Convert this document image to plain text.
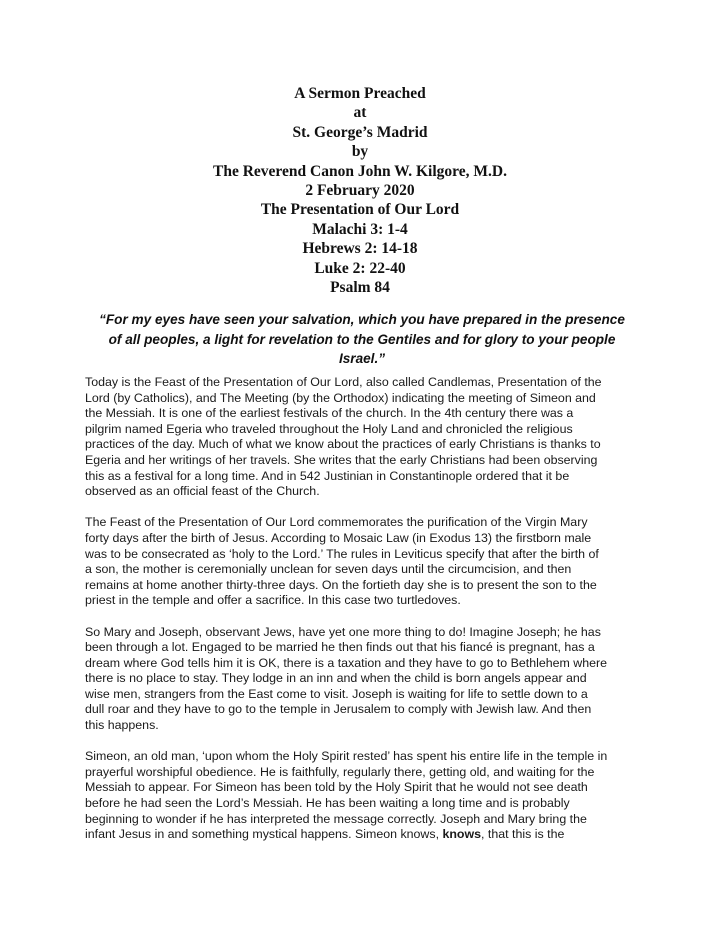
A Sermon Preached
at
St. George’s Madrid
by
The Reverend Canon John W. Kilgore, M.D.
2 February 2020
The Presentation of Our Lord
Malachi 3: 1-4
Hebrews 2: 14-18
Luke 2: 22-40
Psalm 84
“For my eyes have seen your salvation, which you have prepared in the presence
of all peoples, a light for revelation to the Gentiles and for glory to your people
Israel.”

Today is the Feast of the Presentation of Our Lord, also called Candlemas, Presentation of the
Lord (by Catholics), and The Meeting (by the Orthodox) indicating the meeting of Simeon and
the Messiah. It is one of the earliest festivals of the church. In the 4th century there was a
pilgrim named Egeria who traveled throughout the Holy Land and chronicled the religious
practices of the day. Much of what we know about the practices of early Christians is thanks to
Egeria and her writings of her travels. She writes that the early Christians had been observing
this as a festival for a long time. And in 542 Justinian in Constantinople ordered that it be
observed as an official feast of the Church.

The Feast of the Presentation of Our Lord commemorates the purification of the Virgin Mary
forty days after the birth of Jesus. According to Mosaic Law (in Exodus 13) the firstborn male
was to be consecrated as ‘holy to the Lord.’ The rules in Leviticus specify that after the birth of
a son, the mother is ceremonially unclean for seven days until the circumcision, and then
remains at home another thirty-three days. On the fortieth day she is to present the son to the
priest in the temple and offer a sacrifice. In this case two turtledoves.

So Mary and Joseph, observant Jews, have yet one more thing to do! Imagine Joseph; he has
been through a lot. Engaged to be married he then finds out that his fiancé is pregnant, has a
dream where God tells him it is OK, there is a taxation and they have to go to Bethlehem where
there is no place to stay. They lodge in an inn and when the child is born angels appear and
wise men, strangers from the East come to visit. Joseph is waiting for life to settle down to a
dull roar and they have to go to the temple in Jerusalem to comply with Jewish law. And then
this happens.

Simeon, an old man, ‘upon whom the Holy Spirit rested’ has spent his entire life in the temple in
prayerful worshipful obedience. He is faithfully, regularly there, getting old, and waiting for the
Messiah to appear. For Simeon has been told by the Holy Spirit that he would not see death
before he had seen the Lord’s Messiah. He has been waiting a long time and is probably
beginning to wonder if he has interpreted the message correctly. Joseph and Mary bring the
infant Jesus in and something mystical happens. Simeon knows, knows, that this is the
